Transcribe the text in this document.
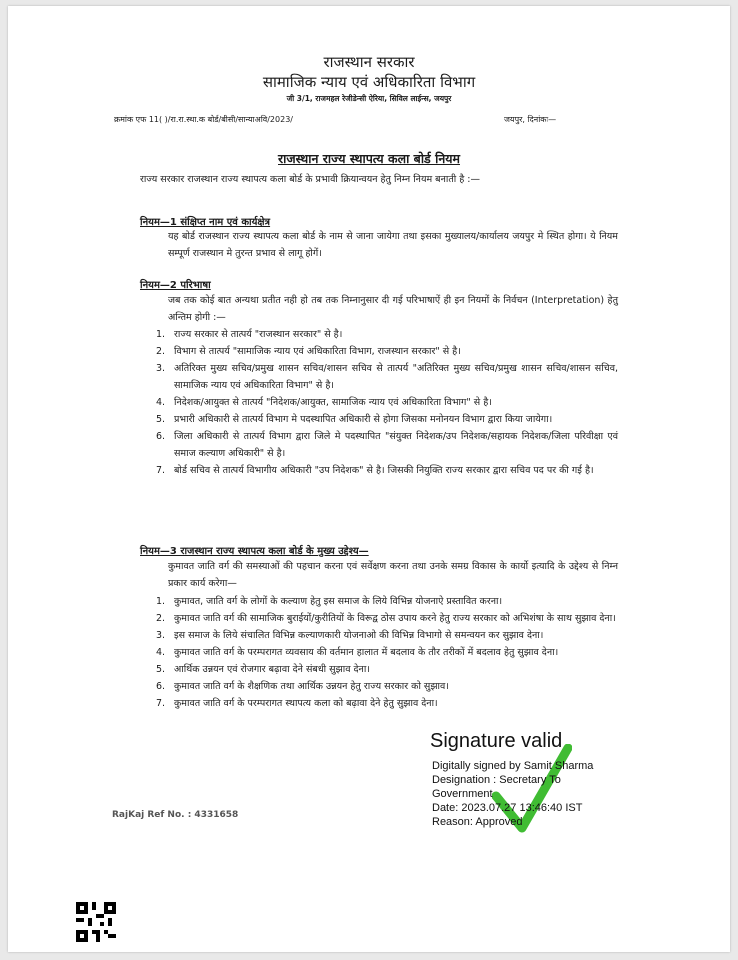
राजस्थान सरकार
सामाजिक न्याय एवं अधिकारिता विभाग
जी 3/1, राजमहल रेजीडेन्सी ऐरिया, सिविल लाईन्स, जयपुर
क्रमांक एफ 11( )/रा.रा.स्था.क बोर्ड/बीसी/सान्याअवि/2023/	जयपुर, दिनांकः—
राजस्थान राज्य स्थापत्य कला बोर्ड नियम
राज्य सरकार राजस्थान राज्य स्थापत्य कला बोर्ड के प्रभावी क्रियान्वयन हेतु निम्न नियम बनाती है :—
नियम—1 संक्षिप्त नाम एवं कार्यक्षेत्र
यह बोर्ड राजस्थान राज्य स्थापत्य कला बोर्ड के नाम से जाना जायेगा तथा इसका मुख्यालय/कार्यालय जयपुर मे स्थित होगा। ये नियम सम्पूर्ण राजस्थान मे तुरन्त प्रभाव से लागू होगें।
नियम—2 परिभाषा
जब तक कोई बात अन्यथा प्रतीत नही हो तब तक निम्नानुसार दी गई परिभाषाऐं ही इन नियमों के निर्वचन (Interpretation) हेतु अन्तिम होगी :—
1. राज्य सरकार से तात्पर्य "राजस्थान सरकार" से है।
2. विभाग से तात्पर्य "सामाजिक न्याय एवं अधिकारिता विभाग, राजस्थान सरकार" से है।
3. अतिरिक्त मुख्य सचिव/प्रमुख शासन सचिव/शासन सचिव से तात्पर्य "अतिरिक्त मुख्य सचिव/प्रमुख शासन सचिव/शासन सचिव, सामाजिक न्याय एवं अधिकारिता विभाग" से है।
4. निदेशक/आयुक्त से तात्पर्य "निदेशक/आयुक्त, सामाजिक न्याय एवं अधिकारिता विभाग" से है।
5. प्रभारी अधिकारी से तात्पर्य विभाग मे पदस्थापित अधिकारी से होगा जिसका मनोनयन विभाग द्वारा किया जायेगा।
6. जिला अधिकारी से तात्पर्य विभाग द्वारा जिले मे पदस्थापित "संयुक्त निदेशक/उप निदेशक/सहायक निदेशक/जिला परिवीक्षा एवं समाज कल्याण अधिकारी" से है।
7. बोर्ड सचिव से तात्पर्य विभागीय अधिकारी "उप निदेशक" से है। जिसकी नियुक्ति राज्य सरकार द्वारा सचिव पद पर की गई है।
नियम—3 राजस्थान राज्य स्थापत्य कला बोर्ड के मुख्य उद्देश्य—
कुमावत जाति वर्ग की समस्याओं की पहचान करना एवं सर्वेक्षण करना तथा उनके समग्र विकास के कार्यो इत्यादि के उद्देश्य से निम्न प्रकार कार्य करेगा—
1. कुमावत, जाति वर्ग के लोगों के कल्याण हेतु इस समाज के लिये विभिन्न योजनाऐ प्रस्तावित करना।
2. कुमावत जाति वर्ग की सामाजिक बुराईयों/कुरीतियों के विरूद्व ठोस उपाय करने हेतु राज्य सरकार को अभिशंषा के साथ सुझाव देना।
3. इस समाज के लिये संचालित विभिन्न कल्याणकारी योजनाओ की विभिन्न विभागो से समन्वयन कर सुझाव देना।
4. कुमावत जाति वर्ग के परम्परागत व्यवसाय की वर्तमान हालात में बदलाव के तौर तरीकों में बदलाव हेतु सुझाव देना।
5. आर्थिक उन्नयन एवं रोजगार बढ़ावा देने संबधी सुझाव देना।
6. कुमावत जाति वर्ग के शैक्षणिक तथा आर्थिक उन्नयन हेतु राज्य सरकार को सुझाव।
7. कुमावत जाति वर्ग के परम्परागत स्थापत्य कला को बढ़ावा देने हेतु सुझाव देना।
RajKaj Ref No. : 4331658
Signature valid
Digitally signed by Samit Sharma
Designation : Secretary To
Government
Date: 2023.07.27 13:46:40 IST
Reason: Approved
